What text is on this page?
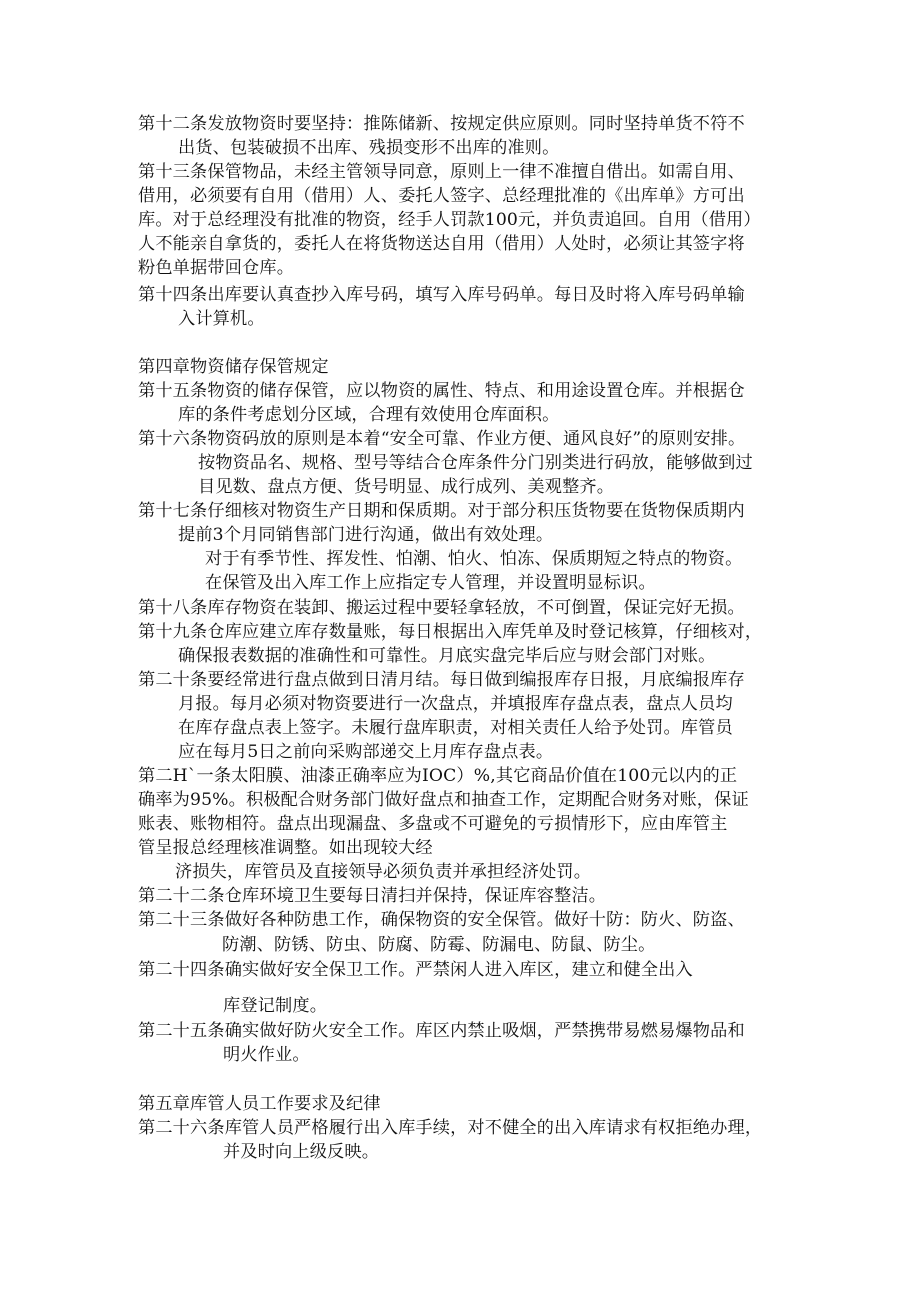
第十二条发放物资时要坚持：推陈储新、按规定供应原则。同时坚持单货不符不
出货、包装破损不出库、残损变形不出库的准则。
第十三条保管物品，未经主管领导同意，原则上一律不准擅自借出。如需自用、
借用，必须要有自用（借用）人、委托人签字、总经理批准的《出库单》方可出
库。对于总经理没有批准的物资，经手人罚款100元，并负责追回。自用（借用）
人不能亲自拿货的，委托人在将货物送达自用（借用）人处时，必须让其签字将
粉色单据带回仓库。
第十四条出库要认真查抄入库号码，填写入库号码单。每日及时将入库号码单输
入计算机。
第四章物资储存保管规定
第十五条物资的储存保管，应以物资的属性、特点、和用途设置仓库。并根据仓
库的条件考虑划分区域，合理有效使用仓库面积。
第十六条物资码放的原则是本着“安全可靠、作业方便、通风良好”的原则安排。
按物资品名、规格、型号等结合仓库条件分门别类进行码放，能够做到过
目见数、盘点方便、货号明显、成行成列、美观整齐。
第十七条仔细核对物资生产日期和保质期。对于部分积压货物要在货物保质期内
提前3个月同销售部门进行沟通，做出有效处理。
对于有季节性、挥发性、怕潮、怕火、怕冻、保质期短之特点的物资。
在保管及出入库工作上应指定专人管理，并设置明显标识。
第十八条库存物资在装卸、搬运过程中要轻拿轻放，不可倒置，保证完好无损。
第十九条仓库应建立库存数量账，每日根据出入库凭单及时登记核算，仔细核对，
确保报表数据的准确性和可靠性。月底实盘完毕后应与财会部门对账。
第二十条要经常进行盘点做到日清月结。每日做到编报库存日报，月底编报库存
月报。每月必须对物资要进行一次盘点，并填报库存盘点表，盘点人员均
在库存盘点表上签字。未履行盘库职责，对相关责任人给予处罚。库管员
应在每月5日之前向采购部递交上月库存盘点表。
第二H`一条太阳膜、油漆正确率应为IOC）%,其它商品价值在100元以内的正
确率为95%。积极配合财务部门做好盘点和抽查工作，定期配合财务对账，保证
账表、账物相符。盘点出现漏盘、多盘或不可避免的亏损情形下，应由库管主
管呈报总经理核准调整。如出现较大经
济损失，库管员及直接领导必须负责并承担经济处罚。
第二十二条仓库环境卫生要每日清扫并保持，保证库容整洁。
第二十三条做好各种防患工作，确保物资的安全保管。做好十防：防火、防盗、
防潮、防锈、防虫、防腐、防霉、防漏电、防鼠、防尘。
第二十四条确实做好安全保卫工作。严禁闲人进入库区，建立和健全出入
库登记制度。
第二十五条确实做好防火安全工作。库区内禁止吸烟，严禁携带易燃易爆物品和
明火作业。
第五章库管人员工作要求及纪律
第二十六条库管人员严格履行出入库手续，对不健全的出入库请求有权拒绝办理，
并及时向上级反映。
